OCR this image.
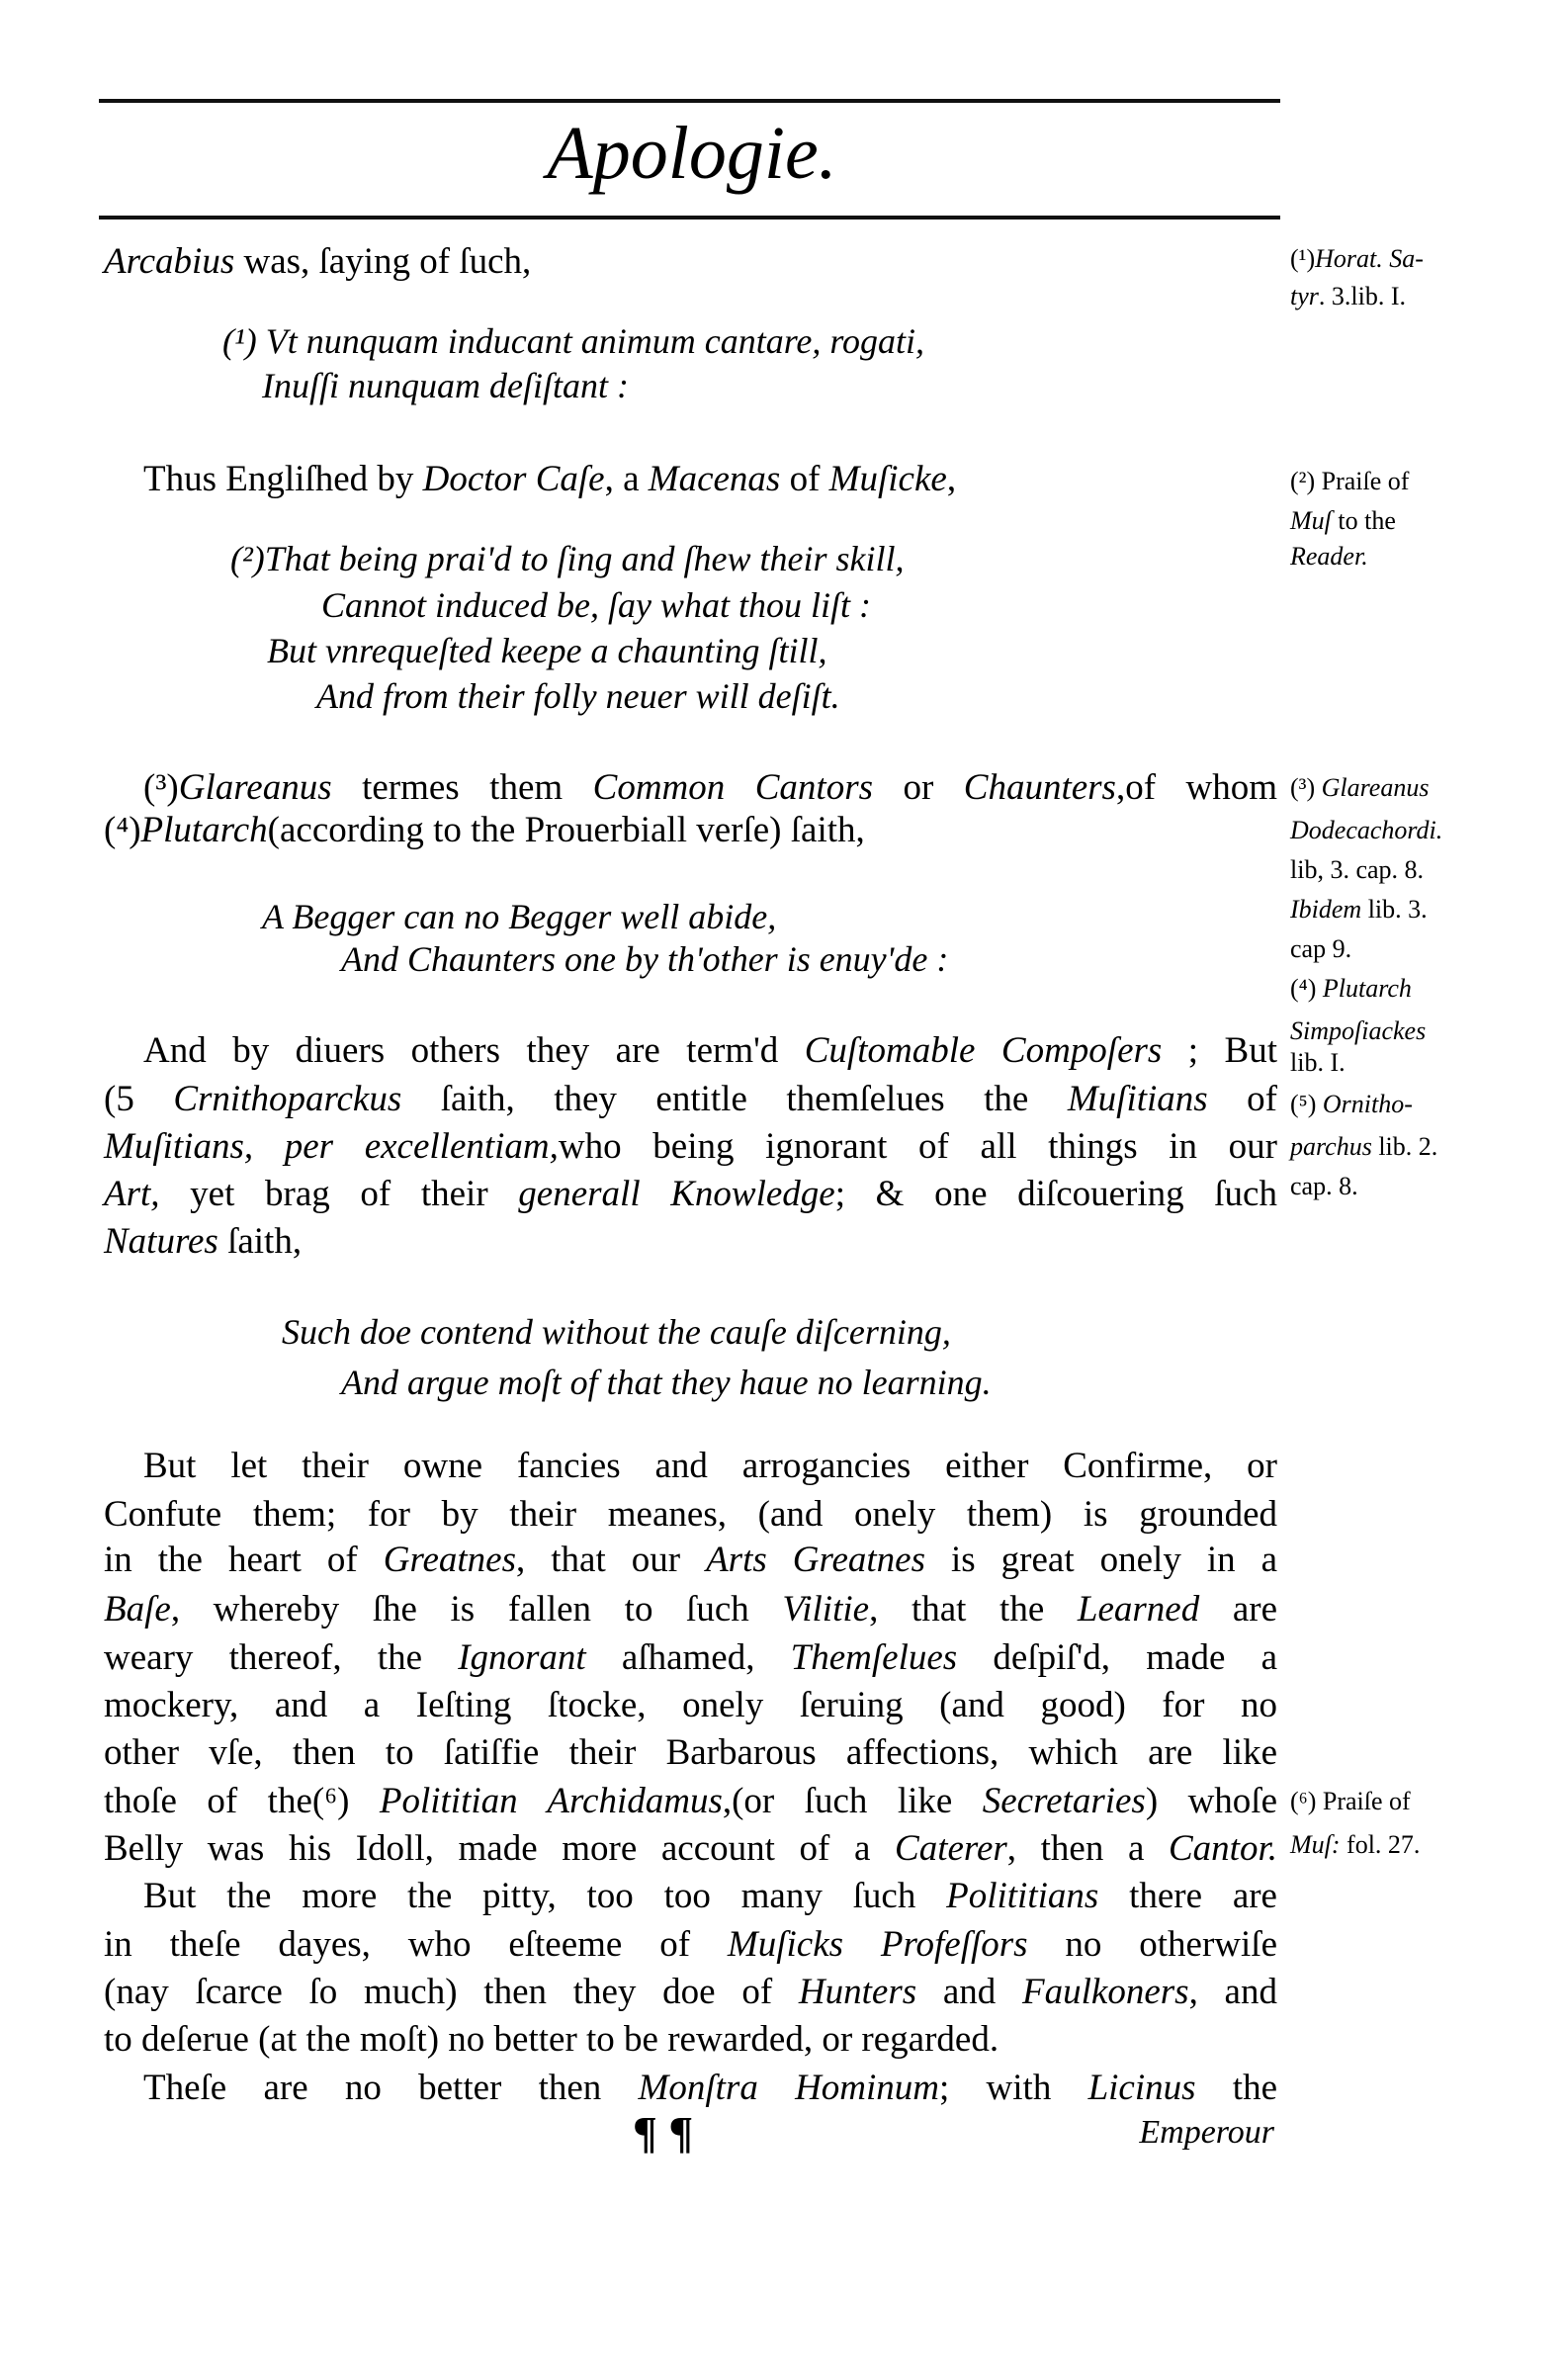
Apologie.
Arcabius was, ſaying of ſuch,
(¹) Vt nunquam inducant animum cantare, rogati,
Inuſſi nunquam deſiſtant :
Thus Engliſhed by Doctor Caſe, a Macenas of Muſicke,
(²)That being prai'd to ſing and ſhew their skill,
Cannot induced be, ſay what thou liſt :
But vnrequeſted keepe a chaunting ſtill,
And from their folly neuer will deſiſt.
(³)Glareanus termes them Common Cantors or Chaunters,of whom
(⁴)Plutarch(according to the Prouerbiall verſe) ſaith,
A Begger can no Begger well abide,
And Chaunters one by th'other is enuy'de :
And by diuers others they are term'd Cuſtomable Compoſers ; But
(5 Crnithoparckus ſaith, they entitle themſelues the Muſitians of
Muſitians, per excellentiam,who being ignorant of all things in our
Art, yet brag of their generall Knowledge; & one diſcouering ſuch
Natures ſaith,
Such doe contend without the cauſe diſcerning,
And argue moſt of that they haue no learning.
But let their owne fancies and arrogancies either Confirme, or
Confute them; for by their meanes, (and onely them) is grounded
in the heart of Greatnes, that our Arts Greatnes is great onely in a
Baſe, whereby ſhe is fallen to ſuch Vilitie, that the Learned are
weary thereof, the Ignorant aſhamed, Themſelues deſpiſ'd, made a
mockery, and a Ieſting ſtocke, onely ſeruing (and good) for no
other vſe, then to ſatiſfie their Barbarous affections, which are like
thoſe of the(⁶) Polititian Archidamus,(or ſuch like Secretaries) whoſe
Belly was his Idoll, made more account of a Caterer, then a Cantor.
But the more the pitty, too too many ſuch Polititians there are
in theſe dayes, who eſteeme of Muſicks Profeſſors no otherwiſe
(nay ſcarce ſo much) then they doe of Hunters and Faulkoners, and
to deſerue (at the moſt) no better to be rewarded, or regarded.
Theſe are no better then Monſtra Hominum; with Licinus the
(¹)Horat. Sa-
tyr. 3.lib. I.
(²) Praiſe of
Muſ to the
Reader.
(³) Glareanus
Dodecachordi.
lib, 3. cap. 8.
Ibidem lib. 3.
cap 9.
(⁴) Plutarch
Simpoſiackes
lib. I.
(⁵) Ornitho-
parchus lib. 2.
cap. 8.
(⁶) Praiſe of
Muſ: fol. 27.
¶ ¶	Emperour
